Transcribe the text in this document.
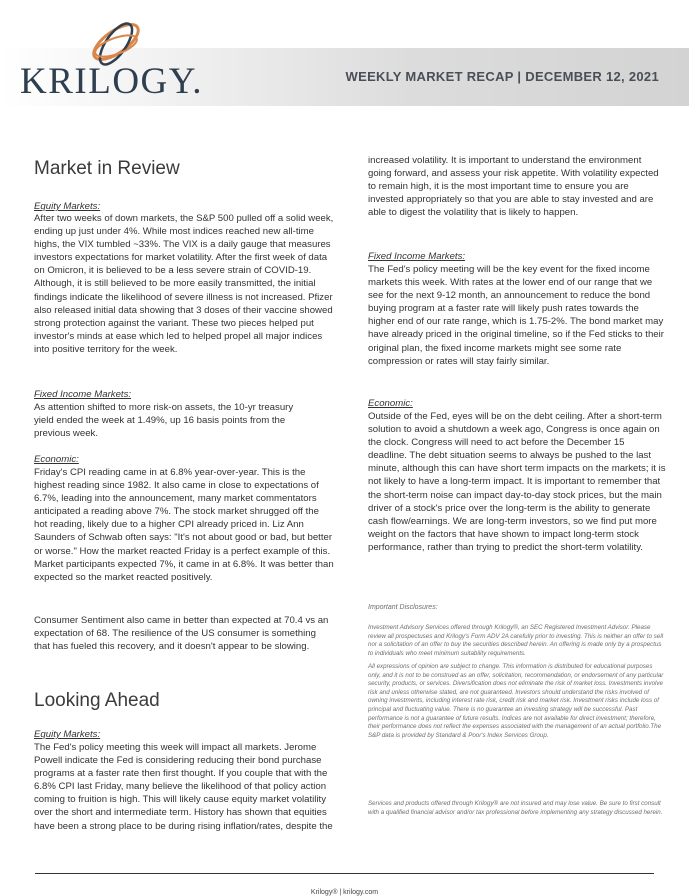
KRILOGY.	WEEKLY MARKET RECAP | DECEMBER 12, 2021
Market in Review
Equity Markets:
After two weeks of down markets, the S&P 500 pulled off a solid week, ending up just under 4%. While most indices reached new all-time highs, the VIX tumbled ~33%. The VIX is a daily gauge that measures investors expectations for market volatility. After the first week of data on Omicron, it is believed to be a less severe strain of COVID-19. Although, it is still believed to be more easily transmitted, the initial findings indicate the likelihood of severe illness is not increased. Pfizer also released initial data showing that 3 doses of their vaccine showed strong protection against the variant. These two pieces helped put investor's minds at ease which led to helped propel all major indices into positive territory for the week.
Fixed Income Markets:
As attention shifted to more risk-on assets, the 10-yr treasury yield ended the week at 1.49%, up 16 basis points from the previous week.
Economic:
Friday's CPI reading came in at 6.8% year-over-year. This is the highest reading since 1982. It also came in close to expectations of 6.7%, leading into the announcement, many market commentators anticipated a reading above 7%. The stock market shrugged off the hot reading, likely due to a higher CPI already priced in. Liz Ann Saunders of Schwab often says: "It's not about good or bad, but better or worse." How the market reacted Friday is a perfect example of this. Market participants expected 7%, it came in at 6.8%. It was better than expected so the market reacted positively.
Consumer Sentiment also came in better than expected at 70.4 vs an expectation of 68. The resilience of the US consumer is something that has fueled this recovery, and it doesn't appear to be slowing.
Looking Ahead
Equity Markets:
The Fed's policy meeting this week will impact all markets. Jerome Powell indicate the Fed is considering reducing their bond purchase programs at a faster rate then first thought. If you couple that with the 6.8% CPI last Friday, many believe the likelihood of that policy action coming to fruition is high. This will likely cause equity market volatility over the short and intermediate term. History has shown that equities have been a strong place to be during rising inflation/rates, despite the
increased volatility. It is important to understand the environment going forward, and assess your risk appetite. With volatility expected to remain high, it is the most important time to ensure you are invested appropriately so that you are able to stay invested and are able to digest the volatility that is likely to happen.
Fixed Income Markets:
The Fed's policy meeting will be the key event for the fixed income markets this week. With rates at the lower end of our range that we see for the next 9-12 month, an announcement to reduce the bond buying program at a faster rate will likely push rates towards the higher end of our rate range, which is 1.75-2%. The bond market may have already priced in the original timeline, so if the Fed sticks to their original plan, the fixed income markets might see some rate compression or rates will stay fairly similar.
Economic:
Outside of the Fed, eyes will be on the debt ceiling. After a short-term solution to avoid a shutdown a week ago, Congress is once again on the clock. Congress will need to act before the December 15 deadline. The debt situation seems to always be pushed to the last minute, although this can have short term impacts on the markets; it is not likely to have a long-term impact. It is important to remember that the short-term noise can impact day-to-day stock prices, but the main driver of a stock's price over the long-term is the ability to generate cash flow/earnings. We are long-term investors, so we find put more weight on the factors that have shown to impact long-term stock performance, rather than trying to predict the short-term volatility.
Important Disclosures:
Investment Advisory Services offered through Krilogy®, an SEC Registered Investment Advisor. Please review all prospectuses and Krilogy's Form ADV 2A carefully prior to investing. This is neither an offer to sell nor a solicitation of an offer to buy the securities described herein. An offering is made only by a prospectus to individuals who meet minimum suitability requirements.
All expressions of opinion are subject to change. This information is distributed for educational purposes only, and it is not to be construed as an offer, solicitation, recommendation, or endorsement of any particular security, products, or services. Diversification does not eliminate the risk of market loss. Investments involve risk and unless otherwise stated, are not guaranteed. Investors should understand the risks involved of owning investments, including interest rate risk, credit risk and market risk. Investment risks include loss of principal and fluctuating value. There is no guarantee an investing strategy will be successful. Past performance is not a guarantee of future results. Indices are not available for direct investment; therefore, their performance does not reflect the expenses associated with the management of an actual portfolio.The S&P data is provided by Standard & Poor's Index Services Group.
Services and products offered through Krilogy® are not insured and may lose value. Be sure to first consult with a qualified financial advisor and/or tax professional before implementing any strategy discussed herein.
Krilogy® | krilogy.com
